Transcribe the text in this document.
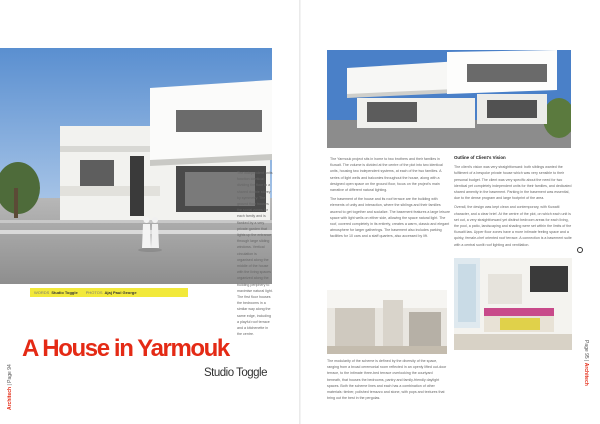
The independent units function identical: dividing the floor to a shared double storey by symmetry. The ground floor houses the social zones for each family and is flanked by a very private garden that lights up the entrance through large sliding windows. Vertical circulation is organised along the middle of the house with the living spaces organized along the building periphery to maximise natural light. The first floor houses the bedrooms in a similar way along the same edge, including a playful roof terrace and a kitchenette in the centre.
WORDS Studio Toggle PHOTOS Ajaj Paul George
A House in Yarmouk
Studio Toggle
Architech | Page 94

The Yarmouk project sits in home to two brothers and their families in Kuwait. The volume is divided at the centre of the plot into two identical units, housing two independent systems, at each of the two families. A series of light wells and balconies throughout the house, along with a designed open space on the ground floor, focus on the project's main narrative of different natural lighting.

The basement of the house and its roof terrace are the building with elements of unity and interaction, where the siblings and their families ascend to get together and socialize. The basement features a large leisure space with light wells on either side, allowing the space natural light. The roof, covered completely in its entirety, creates a warm, classic and elegant atmosphere for larger gatherings. The basement also includes parking facilities for 10 cars and a staff quarters, also accessed by lift.

Outline of Client's Vision

The client's vision was very straightforward: both siblings wanted the fulfilment of a bespoke private house which was very sensible to their personal budget. The client was very specific about the need for two identical yet completely independent units for their families, and dedicated shared amenity in the basement. Parking in the basement was essential, due to the dense program and large footprint of the area.

Overall, the design was kept clean and contemporary, with Kuwaiti character, and a clear brief. At the centre of the plot, on which each unit is set out, a very straightforward yet distinct bedroom areas for each living, the pool, a patio, landscaping and shading were set within the limits of the Kuwaiti law. Upper floor zones have a more intimate feeling space and a quirky, female-chef oriented roof terrace. A connection is a basement suite with a central sunlit roof lighting and ventilation.

The modularity of the scheme is defined by the diversity of the space, ranging from a broad ceremonial room reflected in an openly lifted out-door terrace, to the intimate three-bed terrace overlooking the courtyard beneath, that houses the bedrooms, pantry and family-friendly daylight spaces. Both the scheme lines and each has a combination of other materials: timber, polished terrazzo and stone, with pops and textures that bring out the best in the pergolas.
Page 95 | Architech
